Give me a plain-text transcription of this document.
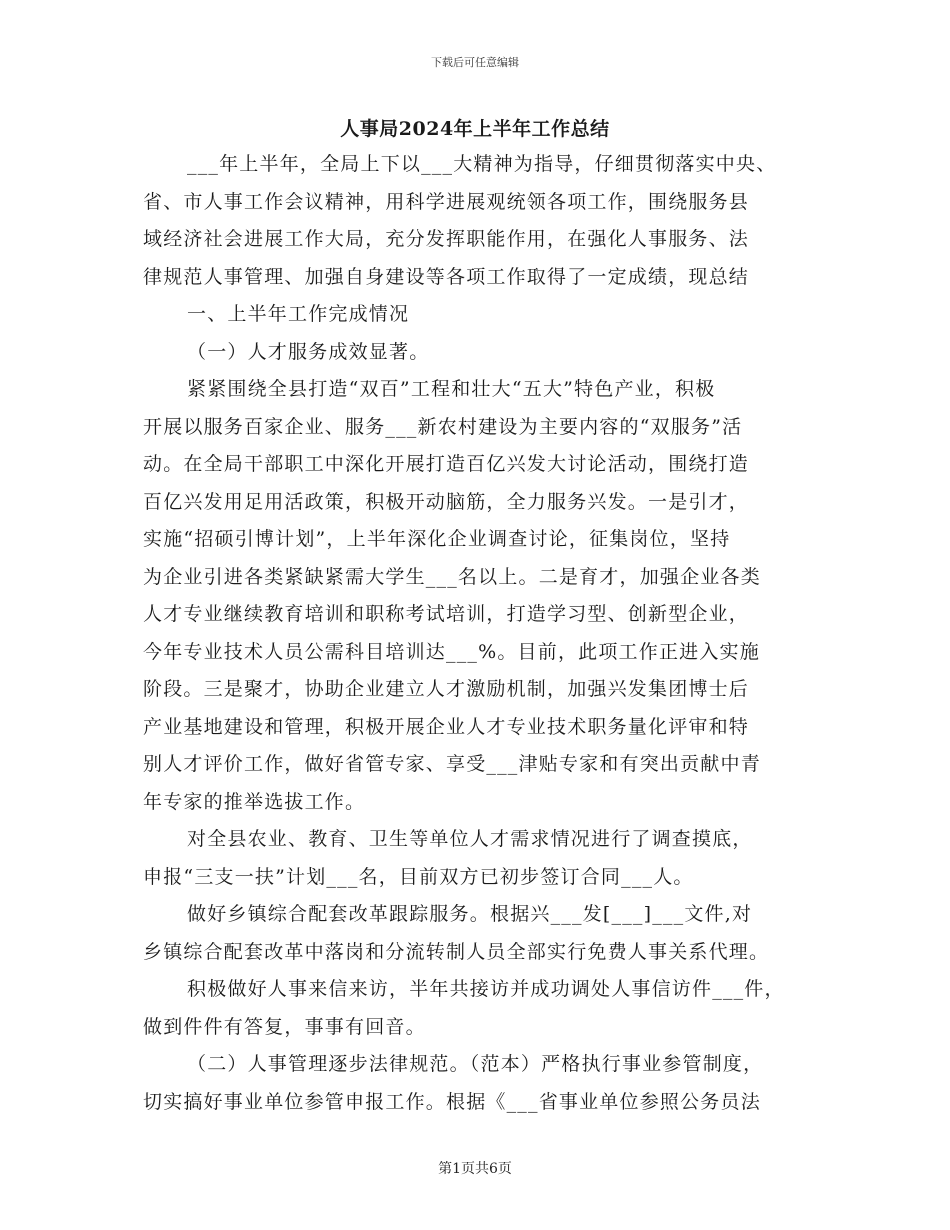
下载后可任意编辑
人事局2024年上半年工作总结
___年上半年，全局上下以___大精神为指导，仔细贯彻落实中央、
省、市人事工作会议精神，用科学进展观统领各项工作，围绕服务县
域经济社会进展工作大局，充分发挥职能作用，在强化人事服务、法
律规范人事管理、加强自身建设等各项工作取得了一定成绩，现总结
一、上半年工作完成情况
（一）人才服务成效显著。
紧紧围绕全县打造“双百”工程和壮大“五大”特色产业，积极
开展以服务百家企业、服务___新农村建设为主要内容的“双服务”活
动。在全局干部职工中深化开展打造百亿兴发大讨论活动，围绕打造
百亿兴发用足用活政策，积极开动脑筋，全力服务兴发。一是引才，
实施“招硕引博计划”，上半年深化企业调查讨论，征集岗位，坚持
为企业引进各类紧缺紧需大学生___名以上。二是育才，加强企业各类
人才专业继续教育培训和职称考试培训，打造学习型、创新型企业，
今年专业技术人员公需科目培训达___%。目前，此项工作正进入实施
阶段。三是聚才，协助企业建立人才激励机制，加强兴发集团博士后
产业基地建设和管理，积极开展企业人才专业技术职务量化评审和特
别人才评价工作，做好省管专家、享受___津贴专家和有突出贡献中青
年专家的推举选拔工作。
对全县农业、教育、卫生等单位人才需求情况进行了调查摸底，
申报“三支一扶”计划___名，目前双方已初步签订合同___人。
做好乡镇综合配套改革跟踪服务。根据兴___发[___]___文件,对
乡镇综合配套改革中落岗和分流转制人员全部实行免费人事关系代理。
积极做好人事来信来访，半年共接访并成功调处人事信访件___件，
做到件件有答复，事事有回音。
（二）人事管理逐步法律规范。（范本）严格执行事业参管制度，
切实搞好事业单位参管申报工作。根据《___省事业单位参照公务员法
第1页共6页
